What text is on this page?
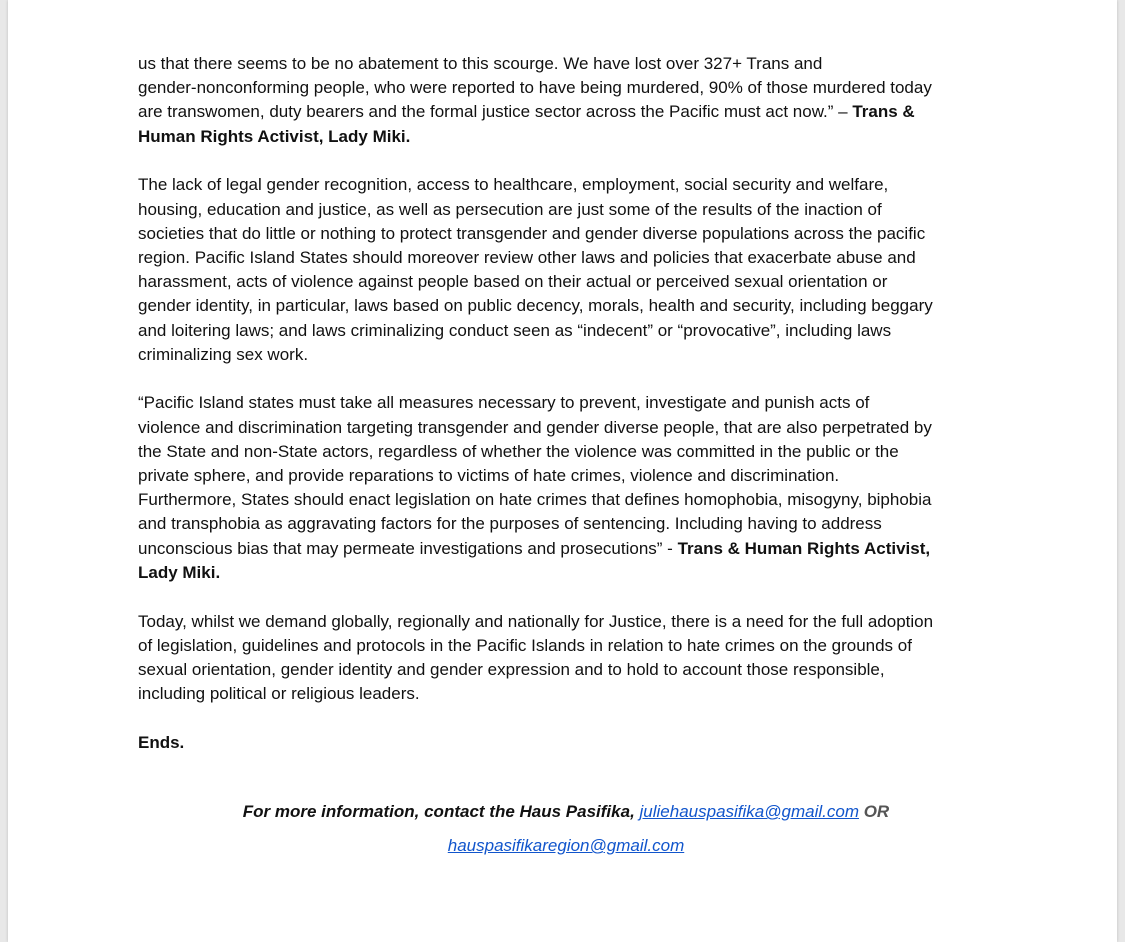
us that there seems to be no abatement to this scourge. We have lost over 327+ Trans and
gender-nonconforming people, who were reported to have being murdered, 90% of those murdered today
are transwomen, duty bearers and the formal justice sector across the Pacific must act now.” – Trans &
Human Rights Activist, Lady Miki.

The lack of legal gender recognition, access to healthcare, employment, social security and welfare,
housing, education and justice, as well as persecution are just some of the results of the inaction of
societies that do little or nothing to protect transgender and gender diverse populations across the pacific
region. Pacific Island States should moreover review other laws and policies that exacerbate abuse and
harassment, acts of violence against people based on their actual or perceived sexual orientation or
gender identity, in particular, laws based on public decency, morals, health and security, including beggary
and loitering laws; and laws criminalizing conduct seen as “indecent” or “provocative”, including laws
criminalizing sex work.

“Pacific Island states must take all measures necessary to prevent, investigate and punish acts of
violence and discrimination targeting transgender and gender diverse people, that are also perpetrated by
the State and non-State actors, regardless of whether the violence was committed in the public or the
private sphere, and provide reparations to victims of hate crimes, violence and discrimination.
Furthermore, States should enact legislation on hate crimes that defines homophobia, misogyny, biphobia
and transphobia as aggravating factors for the purposes of sentencing. Including having to address
unconscious bias that may permeate investigations and prosecutions” - Trans & Human Rights Activist,
Lady Miki.

Today, whilst we demand globally, regionally and nationally for Justice, there is a need for the full adoption
of legislation, guidelines and protocols in the Pacific Islands in relation to hate crimes on the grounds of
sexual orientation, gender identity and gender expression and to hold to account those responsible,
including political or religious leaders.

Ends.

For more information, contact the Haus Pasifika, juliehauspasifika@gmail.com OR
hauspasifikaregion@gmail.com
